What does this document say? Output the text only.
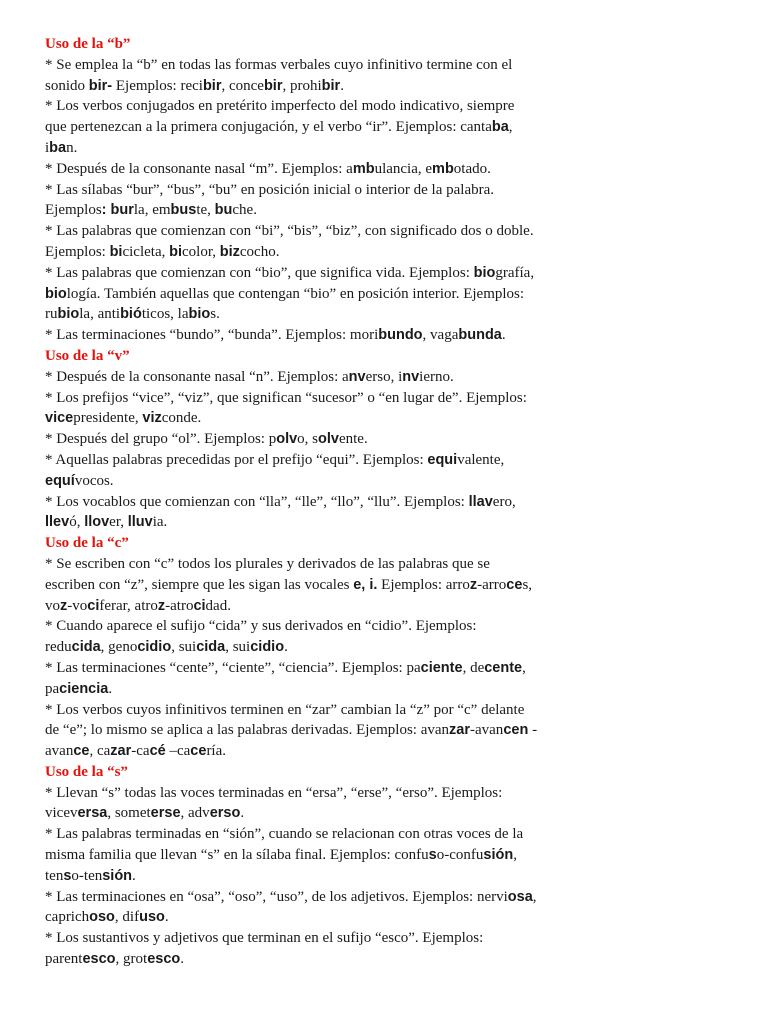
Uso de la “b”
* Se emplea la “b” en todas las formas verbales cuyo infinitivo termine con el
sonido bir- Ejemplos: recibir, concebir, prohibir.
* Los verbos conjugados en pretérito imperfecto del modo indicativo, siempre
que pertenezcan a la primera conjugación, y el verbo “ir”. Ejemplos: cantaba,
iban.
* Después de la consonante nasal “m”. Ejemplos: ambulancia, embotado.
* Las sílabas “bur”, “bus”, “bu” en posición inicial o interior de la palabra.
Ejemplos: burla, embuste, buche.
* Las palabras que comienzan con “bi”, “bis”, “biz”, con significado dos o doble.
Ejemplos: bicicleta, bicolor, bizcocho.
* Las palabras que comienzan con “bio”, que significa vida. Ejemplos: biografía,
biología. También aquellas que contengan “bio” en posición interior. Ejemplos:
rubiola, antibióticos, labios.
* Las terminaciones “bundo”, “bunda”. Ejemplos: moribundo, vagabunda.
Uso de la “v”
* Después de la consonante nasal “n”. Ejemplos: anverso, invierno.
* Los prefijos “vice”, “viz”, que significan “sucesor” o “en lugar de”. Ejemplos:
vicepresidente, vizconde.
* Después del grupo “ol”. Ejemplos: polvo, solvente.
* Aquellas palabras precedidas por el prefijo “equi”. Ejemplos: equivalente,
equívocos.
* Los vocablos que comienzan con “lla”, “lle”, “llo”, “llu”. Ejemplos: llavero,
llevó, llover, lluvia.
Uso de la “c”
* Se escriben con “c” todos los plurales y derivados de las palabras que se
escriben con “z”, siempre que les sigan las vocales e, i. Ejemplos: arroz-arroces,
voz-vociferar, atroz-atrocidad.
* Cuando aparece el sufijo “cida” y sus derivados en “cidio”. Ejemplos:
reducida, genocidio, suicida, suicidio.
* Las terminaciones “cente”, “ciente”, “ciencia”. Ejemplos: paciente, decente,
paciencia.
* Los verbos cuyos infinitivos terminen en “zar” cambian la “z” por “c” delante
de “e”; lo mismo se aplica a las palabras derivadas. Ejemplos: avanzar-avancen -
avance, cazar-cacé –cacería.
Uso de la “s”
* Llevan “s” todas las voces terminadas en “ersa”, “erse”, “erso”. Ejemplos:
viceversa, someterse, adverso.
* Las palabras terminadas en “sión”, cuando se relacionan con otras voces de la
misma familia que llevan “s” en la sílaba final. Ejemplos: confuso-confusión,
tenso-tensión.
* Las terminaciones en “osa”, “oso”, “uso”, de los adjetivos. Ejemplos: nerviosa,
caprichoso, difuso.
* Los sustantivos y adjetivos que terminan en el sufijo “esco”. Ejemplos:
parentesco, grotesco.
